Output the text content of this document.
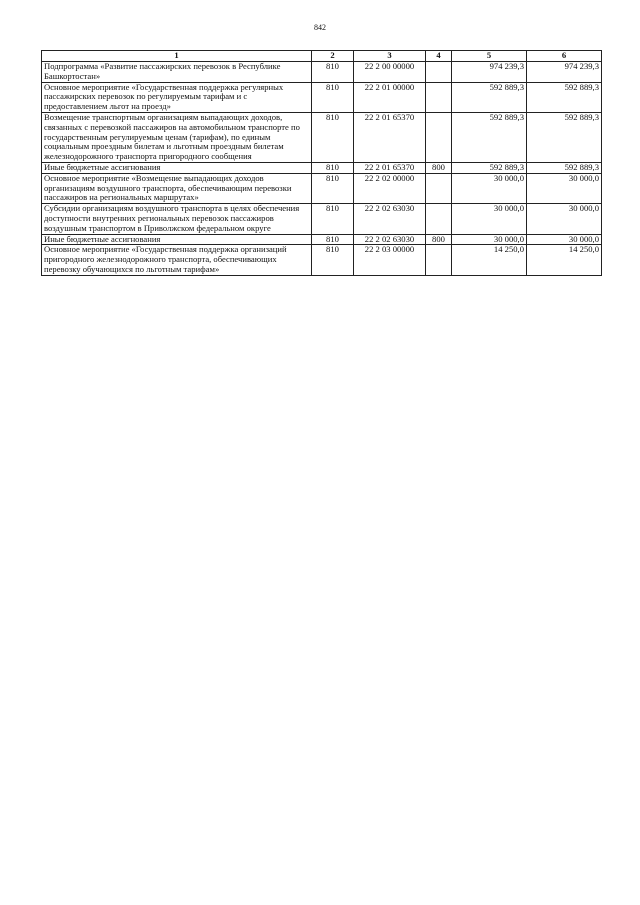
842
1	2	3	4	5	6
Подпрограмма «Развитие пассажирских перевозок в Республике Башкортостан»	810	22 2 00 00000		974 239,3	974 239,3
Основное мероприятие «Государственная поддержка регулярных пассажирских перевозок по регулируемым тарифам и с предоставлением льгот на проезд»	810	22 2 01 00000		592 889,3	592 889,3
Возмещение транспортным организациям выпадающих доходов, связанных с перевозкой пассажиров на автомобильном транспорте по государственным регулируемым ценам (тарифам), по единым социальным проездным билетам и льготным проездным билетам железнодорожного транспорта пригородного сообщения	810	22 2 01 65370		592 889,3	592 889,3
Иные бюджетные ассигнования	810	22 2 01 65370	800	592 889,3	592 889,3
Основное мероприятие «Возмещение выпадающих доходов организациям воздушного транспорта, обеспечивающим перевозки пассажиров на региональных маршрутах»	810	22 2 02 00000		30 000,0	30 000,0
Субсидии организациям воздушного транспорта в целях обеспечения доступности внутренних региональных перевозок пассажиров воздушным транспортом в Приволжском федеральном округе	810	22 2 02 63030		30 000,0	30 000,0
Иные бюджетные ассигнования	810	22 2 02 63030	800	30 000,0	30 000,0
Основное мероприятие «Государственная поддержка организаций пригородного железнодорожного транспорта, обеспечивающих перевозку обучающихся по льготным тарифам»	810	22 2 03 00000		14 250,0	14 250,0
